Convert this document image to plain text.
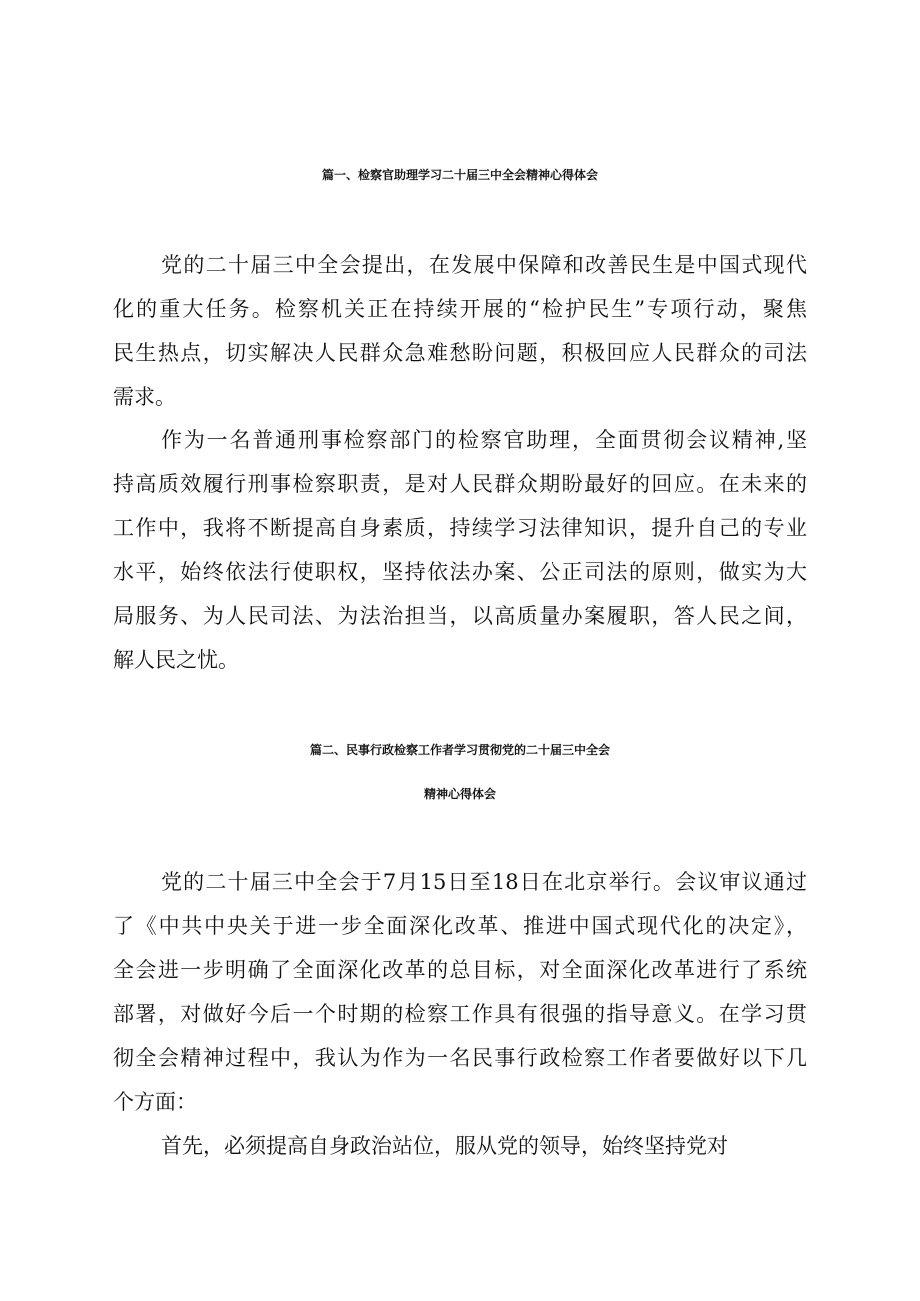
篇一、检察官助理学习二十届三中全会精神心得体会
党的二十届三中全会提出，在发展中保障和改善民生是中国式现代
化的重大任务。检察机关正在持续开展的“检护民生”专项行动，聚焦
民生热点，切实解决人民群众急难愁盼问题，积极回应人民群众的司法
需求。
作为一名普通刑事检察部门的检察官助理，全面贯彻会议精神,坚
持高质效履行刑事检察职责，是对人民群众期盼最好的回应。在未来的
工作中，我将不断提高自身素质，持续学习法律知识，提升自己的专业
水平，始终依法行使职权，坚持依法办案、公正司法的原则，做实为大
局服务、为人民司法、为法治担当，以高质量办案履职，答人民之间，
解人民之忧。
篇二、民事行政检察工作者学习贯彻党的二十届三中全会
精神心得体会
党的二十届三中全会于7月15日至18日在北京举行。会议审议通过
了《中共中央关于进一步全面深化改革、推进中国式现代化的决定》，
全会进一步明确了全面深化改革的总目标，对全面深化改革进行了系统
部署，对做好今后一个时期的检察工作具有很强的指导意义。在学习贯
彻全会精神过程中，我认为作为一名民事行政检察工作者要做好以下几
个方面：
首先，必须提高自身政治站位，服从党的领导，始终坚持党对
